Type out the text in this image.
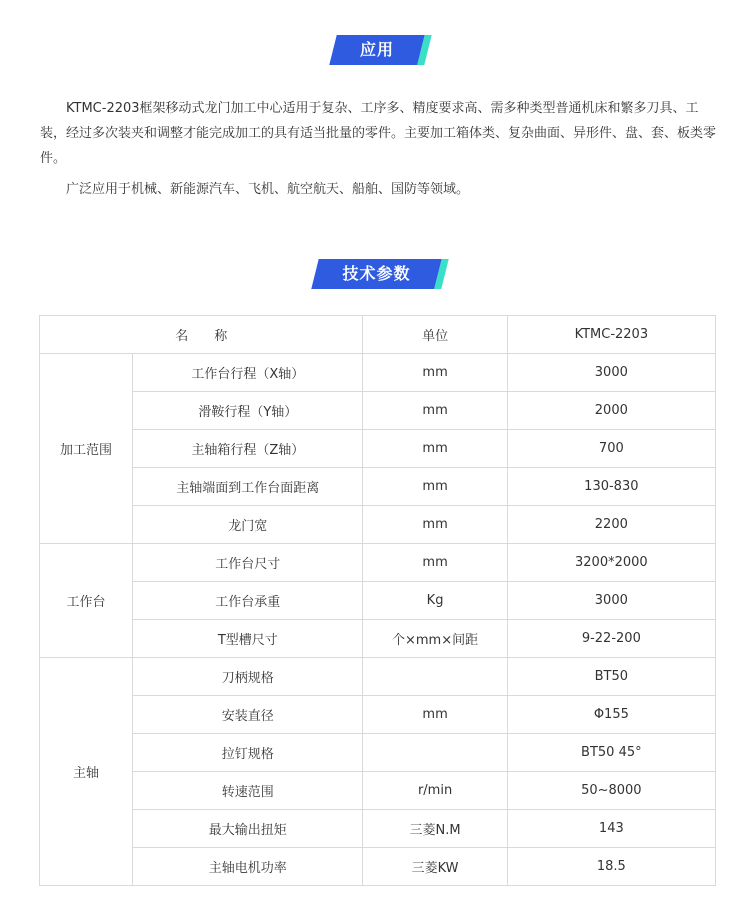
应用

KTMC-2203框架移动式龙门加工中心适用于复杂、工序多、精度要求高、需多种类型普通机床和繁多刀具、工装，经过多次装夹和调整才能完成加工的具有适当批量的零件。主要加工箱体类、复杂曲面、异形件、盘、套、板类零件。

广泛应用于机械、新能源汽车、飞机、航空航天、船舶、国防等领域。

技术参数
名　　称		单位	KTMC-2203
加工范围	工作台行程（X轴）	mm	3000
	滑鞍行程（Y轴）	mm	2000
	主轴箱行程（Z轴）	mm	700
	主轴端面到工作台面距离	mm	130-830
	龙门宽	mm	2200
工作台	工作台尺寸	mm	3200*2000
	工作台承重	Kg	3000
	T型槽尺寸	个×mm×间距	9-22-200
主轴	刀柄规格		BT50
	安装直径	mm	Φ155
	拉钉规格		BT50 45°
	转速范围	r/min	50~8000
	最大输出扭矩	三菱N.M	143
	主轴电机功率	三菱KW	18.5
